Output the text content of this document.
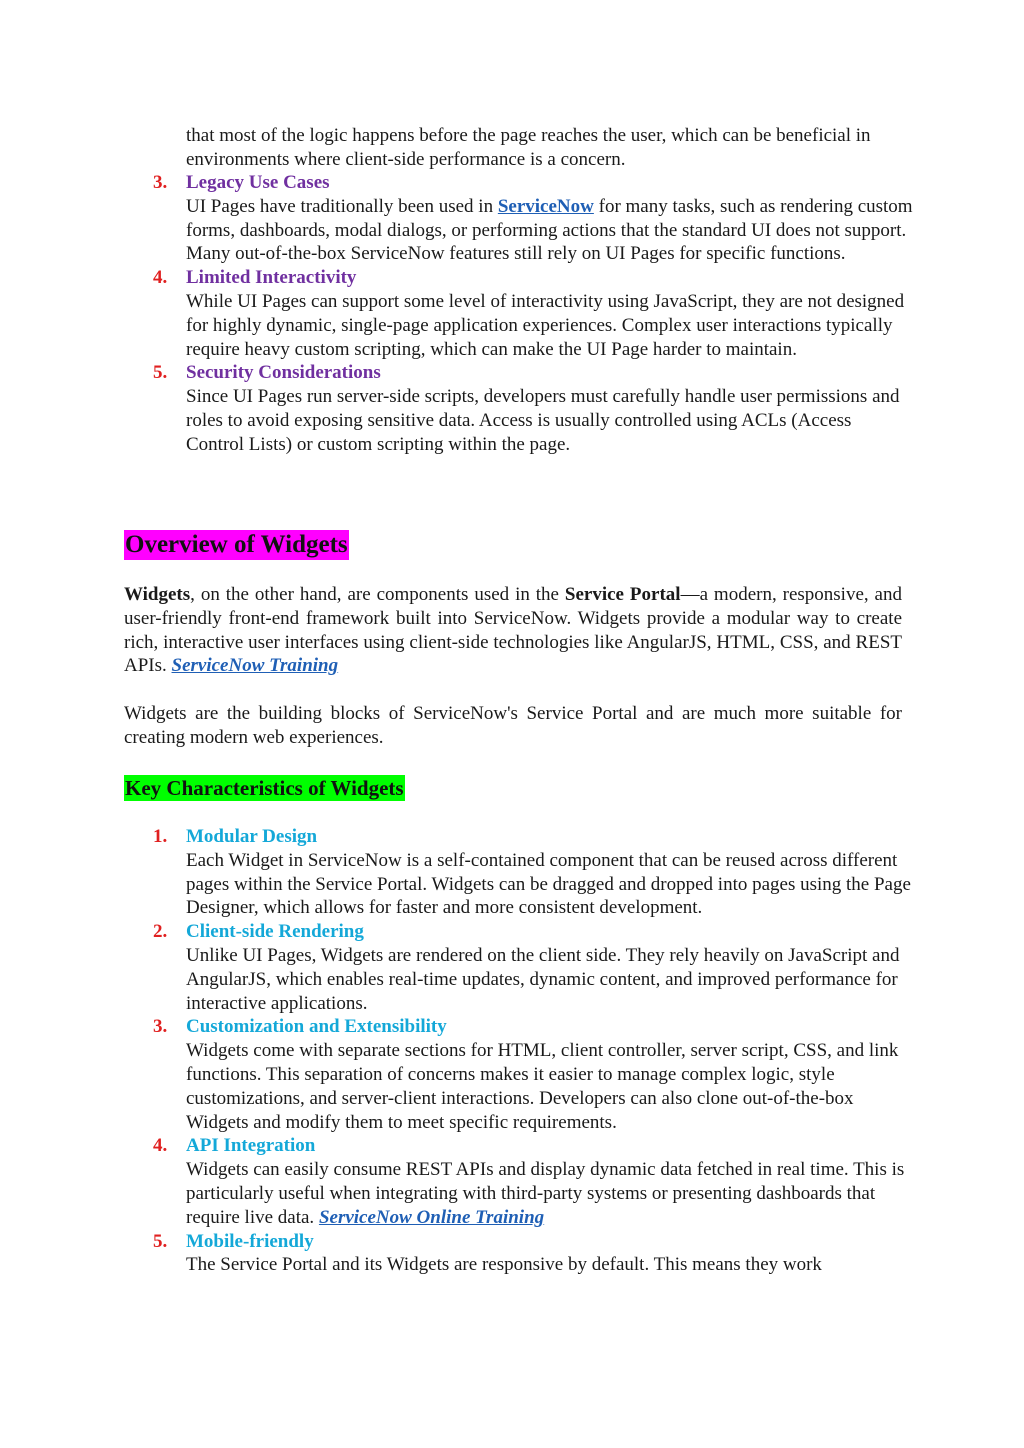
that most of the logic happens before the page reaches the user, which can be beneficial in environments where client-side performance is a concern.
3. Legacy Use Cases
UI Pages have traditionally been used in ServiceNow for many tasks, such as rendering custom forms, dashboards, modal dialogs, or performing actions that the standard UI does not support. Many out-of-the-box ServiceNow features still rely on UI Pages for specific functions.
4. Limited Interactivity
While UI Pages can support some level of interactivity using JavaScript, they are not designed for highly dynamic, single-page application experiences. Complex user interactions typically require heavy custom scripting, which can make the UI Page harder to maintain.
5. Security Considerations
Since UI Pages run server-side scripts, developers must carefully handle user permissions and roles to avoid exposing sensitive data. Access is usually controlled using ACLs (Access Control Lists) or custom scripting within the page.
Overview of Widgets
Widgets, on the other hand, are components used in the Service Portal—a modern, responsive, and user-friendly front-end framework built into ServiceNow. Widgets provide a modular way to create rich, interactive user interfaces using client-side technologies like AngularJS, HTML, CSS, and REST APIs. ServiceNow Training
Widgets are the building blocks of ServiceNow's Service Portal and are much more suitable for creating modern web experiences.
Key Characteristics of Widgets
1. Modular Design
Each Widget in ServiceNow is a self-contained component that can be reused across different pages within the Service Portal. Widgets can be dragged and dropped into pages using the Page Designer, which allows for faster and more consistent development.
2. Client-side Rendering
Unlike UI Pages, Widgets are rendered on the client side. They rely heavily on JavaScript and AngularJS, which enables real-time updates, dynamic content, and improved performance for interactive applications.
3. Customization and Extensibility
Widgets come with separate sections for HTML, client controller, server script, CSS, and link functions. This separation of concerns makes it easier to manage complex logic, style customizations, and server-client interactions. Developers can also clone out-of-the-box Widgets and modify them to meet specific requirements.
4. API Integration
Widgets can easily consume REST APIs and display dynamic data fetched in real time. This is particularly useful when integrating with third-party systems or presenting dashboards that require live data. ServiceNow Online Training
5. Mobile-friendly
The Service Portal and its Widgets are responsive by default. This means they work
